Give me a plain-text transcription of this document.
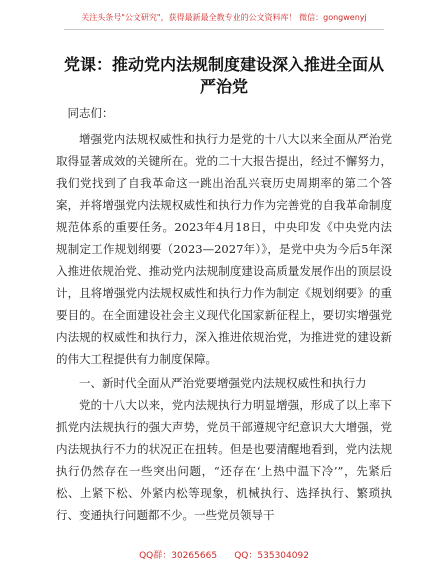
关注头条号"公文研究"，获得最新最全教专业的公文资料库！ 微信：gongwenyj
党课：推动党内法规制度建设深入推进全面从严治党

同志们：

增强党内法规权威性和执行力是党的十八大以来全面从严治党取得显著成效的关键所在。党的二十大报告提出，经过不懈努力，我们党找到了自我革命这一跳出治乱兴衰历史周期率的第二个答案，并将增强党内法规权威性和执行力作为完善党的自我革命制度规范体系的重要任务。2023年4月18日，中央印发《中央党内法规制定工作规划纲要（2023—2027年）》，是党中央为今后5年深入推进依规治党、推动党内法规制度建设高质量发展作出的顶层设计，且将增强党内法规权威性和执行力作为制定《规划纲要》的重要目的。在全面建设社会主义现代化国家新征程上，要切实增强党内法规的权威性和执行力，深入推进依规治党，为推进党的建设新的伟大工程提供有力制度保障。

一、新时代全面从严治党要增强党内法规权威性和执行力

党的十八大以来，党内法规执行力明显增强，形成了以上率下抓党内法规执行的强大声势，党员干部遵规守纪意识大大增强，党内法规执行不力的状况正在扭转。但是也要清醒地看到，党内法规执行仍然存在一些突出问题，“还存在‘上热中温下冷’”，先紧后松、上紧下松、外紧内松等现象，机械执行、选择执行、繁琐执行、变通执行问题都不少。一些党员领导干

QQ群：30265665 QQ：535304092
